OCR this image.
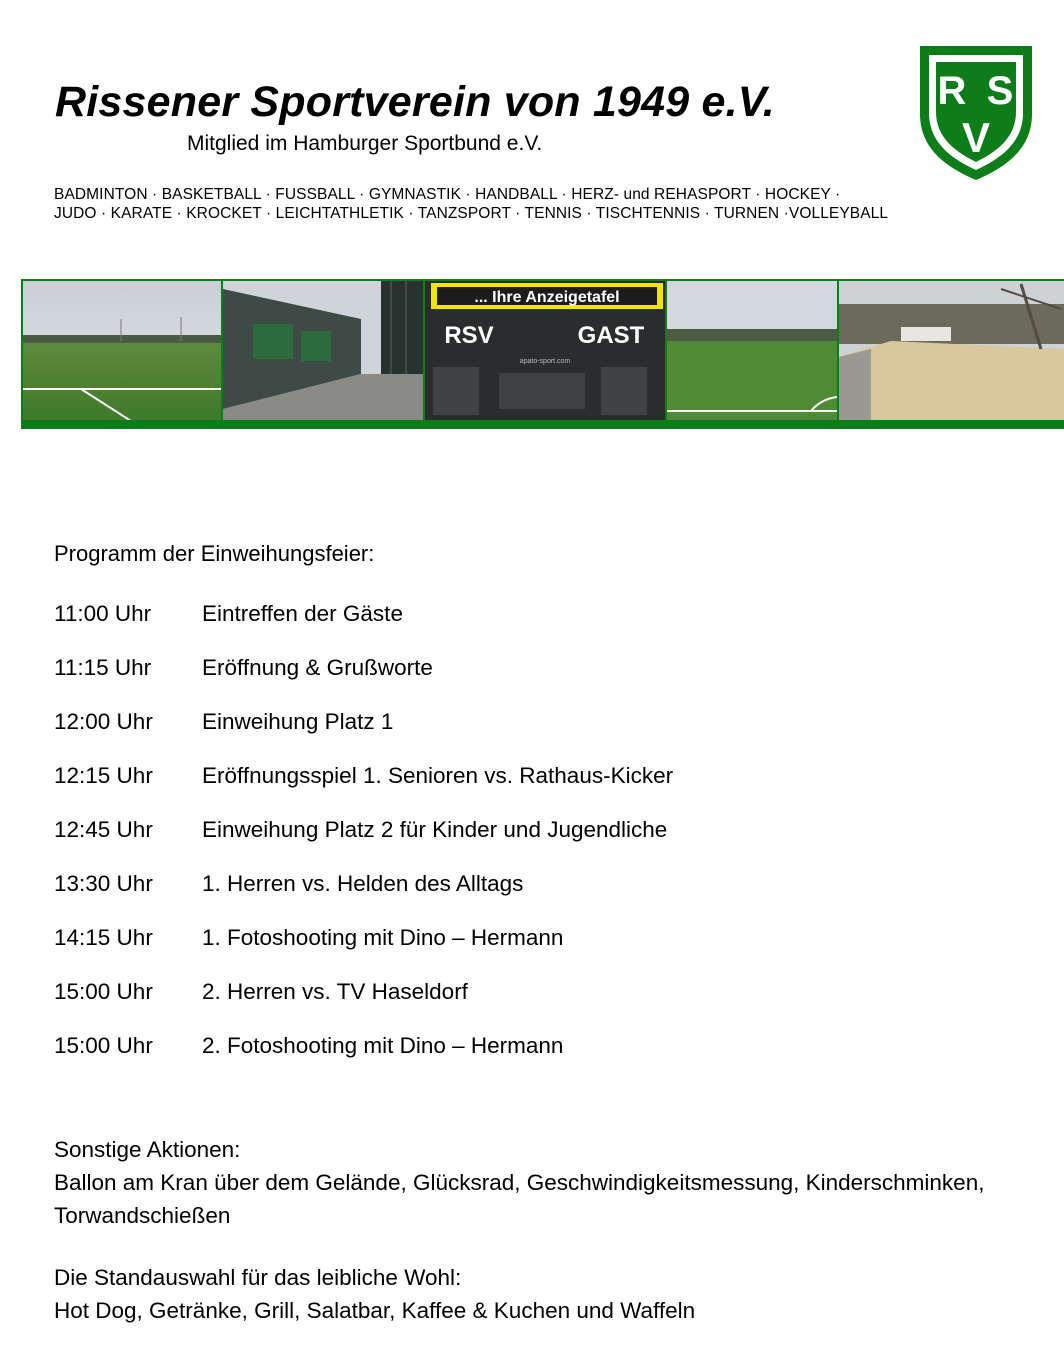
Rissener Sportverein von 1949 e.V.
Mitglied im Hamburger Sportbund e.V.
R S
V
BADMINTON · BASKETBALL · FUSSBALL · GYMNASTIK · HANDBALL · HERZ- und REHASPORT · HOCKEY ·
JUDO · KARATE · KROCKET · LEICHTATHLETIK · TANZSPORT · TENNIS · TISCHTENNIS · TURNEN ·VOLLEYBALL
... Ihre Anzeigetafel
RSV	GAST
apato-sport.com
Programm der Einweihungsfeier:
11:00 Uhr Eintreffen der Gäste
11:15 Uhr Eröffnung & Grußworte
12:00 Uhr Einweihung Platz 1
12:15 Uhr Eröffnungsspiel 1. Senioren vs. Rathaus-Kicker
12:45 Uhr Einweihung Platz 2 für Kinder und Jugendliche
13:30 Uhr 1. Herren vs. Helden des Alltags
14:15 Uhr 1. Fotoshooting mit Dino – Hermann
15:00 Uhr 2. Herren vs. TV Haseldorf
15:00 Uhr 2. Fotoshooting mit Dino – Hermann
Sonstige Aktionen:
Ballon am Kran über dem Gelände, Glücksrad, Geschwindigkeitsmessung, Kinderschminken, Torwandschießen
Die Standauswahl für das leibliche Wohl:
Hot Dog, Getränke, Grill, Salatbar, Kaffee & Kuchen und Waffeln
